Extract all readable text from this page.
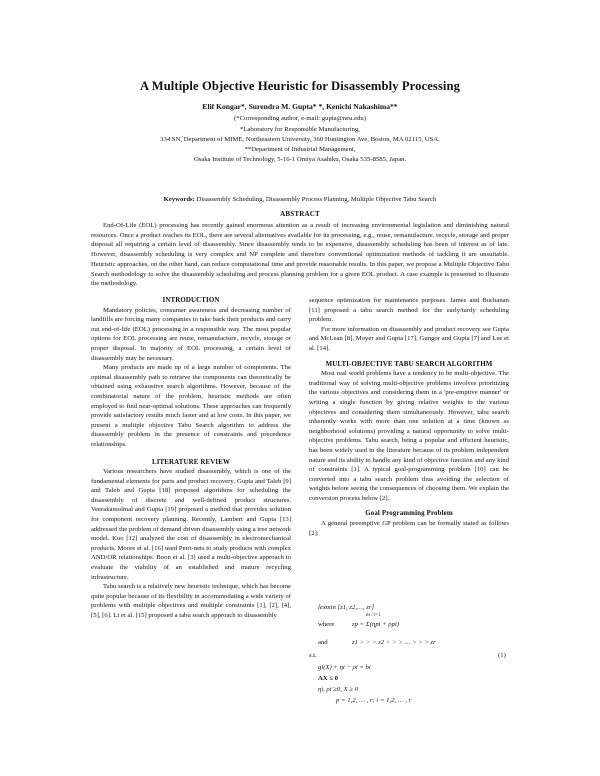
A Multiple Objective Heuristic for Disassembly Processing
Elif Kongar*, Surendra M. Gupta* *, Kenichi Nakashima**
(*Corresponding author, e-mail: gupta@neu.edu)
*Laboratory for Responsible Manufacturing,
334 SN, Department of MIME, Northeastern University, 360 Huntington Ave, Boston, MA 02115, USA.
**Department of Industrial Management,
Osaka Institute of Technology, 5-16-1 Omiya Asahiku, Osaka 535-8585, Japan.
Keywords: Disassembly Scheduling, Disassembly Process Planning, Multiple Objective Tabu Search
ABSTRACT
End-Of-Life (EOL) processing has recently gained enormous attention as a result of increasing environmental legislation and diminishing natural resources. Once a product reaches its EOL, there are several alternatives available for its processing, e.g., reuse, remanufacture, recycle, storage and proper disposal all requiring a certain level of disassembly. Since disassembly tends to be expensive, disassembly scheduling has been of interest as of late. However, disassembly scheduling is very complex and NP complete and therefore conventional optimization methods of tackling it are unsuitable. Heuristic approaches, on the other hand, can reduce computational time and provide reasonable results. In this paper, we propose a Multiple Objective Tabu Search methodology to solve the disassembly scheduling and process planning problem for a given EOL product. A case example is presented to illustrate the methodology.
INTRODUCTION

Mandatory policies, consumer awareness and decreasing number of landfills are forcing many companies to take back their products and carry out end-of-life (EOL) processing in a responsible way. The most popular options for EOL processing are reuse, remanufacture, recycle, storage or proper disposal. In majority of EOL processing, a certain level of disassembly may be necessary.

Many products are made up of a large number of components. The optimal disassembly path to retrieve the components can theoretically be obtained using exhaustive search algorithms. However, because of the combinatorial nature of the problem, heuristic methods are often employed to find near-optimal solutions. These approaches can frequently provide satisfactory results much faster and at low costs. In this paper, we present a multiple objective Tabu Search algorithm to address the disassembly problem in the presence of constraints and precedence relationships.

LITERATURE REVIEW

Various researchers have studied disassembly, which is one of the fundamental elements for parts and product recovery. Gupta and Taleb [9] and Taleb and Gupta [18] proposed algorithms for scheduling the disassembly of discrete and well-defined product structures. Veerakamolmal and Gupta [19] proposed a method that provides solution for component recovery planning. Recently, Lambert and Gupta [13] addressed the problem of demand driven disassembly using a tree network model. Kuo [12] analyzed the cost of disassembly in electromechanical products. Moore et al. [16] used Petri-nets to study products with complex AND/OR relationships. Boon et al. [3] used a multi-objective approach to evaluate the viability of an established and mature recycling infrastructure.

Tabu search is a relatively new heuristic technique, which has become quite popular because of its flexibility in accommodating a wide variety of problems with multiple objectives and multiple constraints [1], [2], [4], [5], [6]. Li et al. [15] proposed a tabu search approach to disassembly

sequence optimization for maintenance purposes. James and Buchanan [11] proposed a tabu search method for the early/tardy scheduling problem.

For more information on disassembly and product recovery see Gupta and McLean [8], Moyer and Gupta [17], Gungor and Gupta [7] and Lee et al. [14].

MULTI-OBJECTIVE TABU SEARCH ALGORITHM

Most real world problems have a tendency to be multi-objective. The traditional way of solving multi-objective problems involves prioritizing the various objectives and considering them in a 'pre-emptive manner' or writing a single function by giving relative weights to the various objectives and considering them simultaneously. However, tabu search inherently works with more than one solution at a time (known as neighborhood solutions) providing a natural opportunity to solve multi-objective problems. Tabu search, being a popular and efficient heuristic, has been widely used in the literature because of its problem independent nature and its ability to handle any kind of objective function and any kind of constraints [1]. A typical goal-programming problem [10] can be converted into a tabu search problem thus avoiding the selection of weights before seeing the consequences of choosing them. We explain the conversion process below [2].

Goal Programming Problem

A general preemptive GP problem can be formally stated as follows [2]:

lexmin [z1, z2,…, zr]
where	zp = Σ(ηpi + ρpi)
m / i=1
and	z1 > > > z2 > > > … > > > zr
s.t.	(1)
gi(X) + ηi − ρi = bi
AX ≤ 0
ηi, ρi ≥0, X ≥ 0
p = 1,2, … , r; i = 1,2, … , r
